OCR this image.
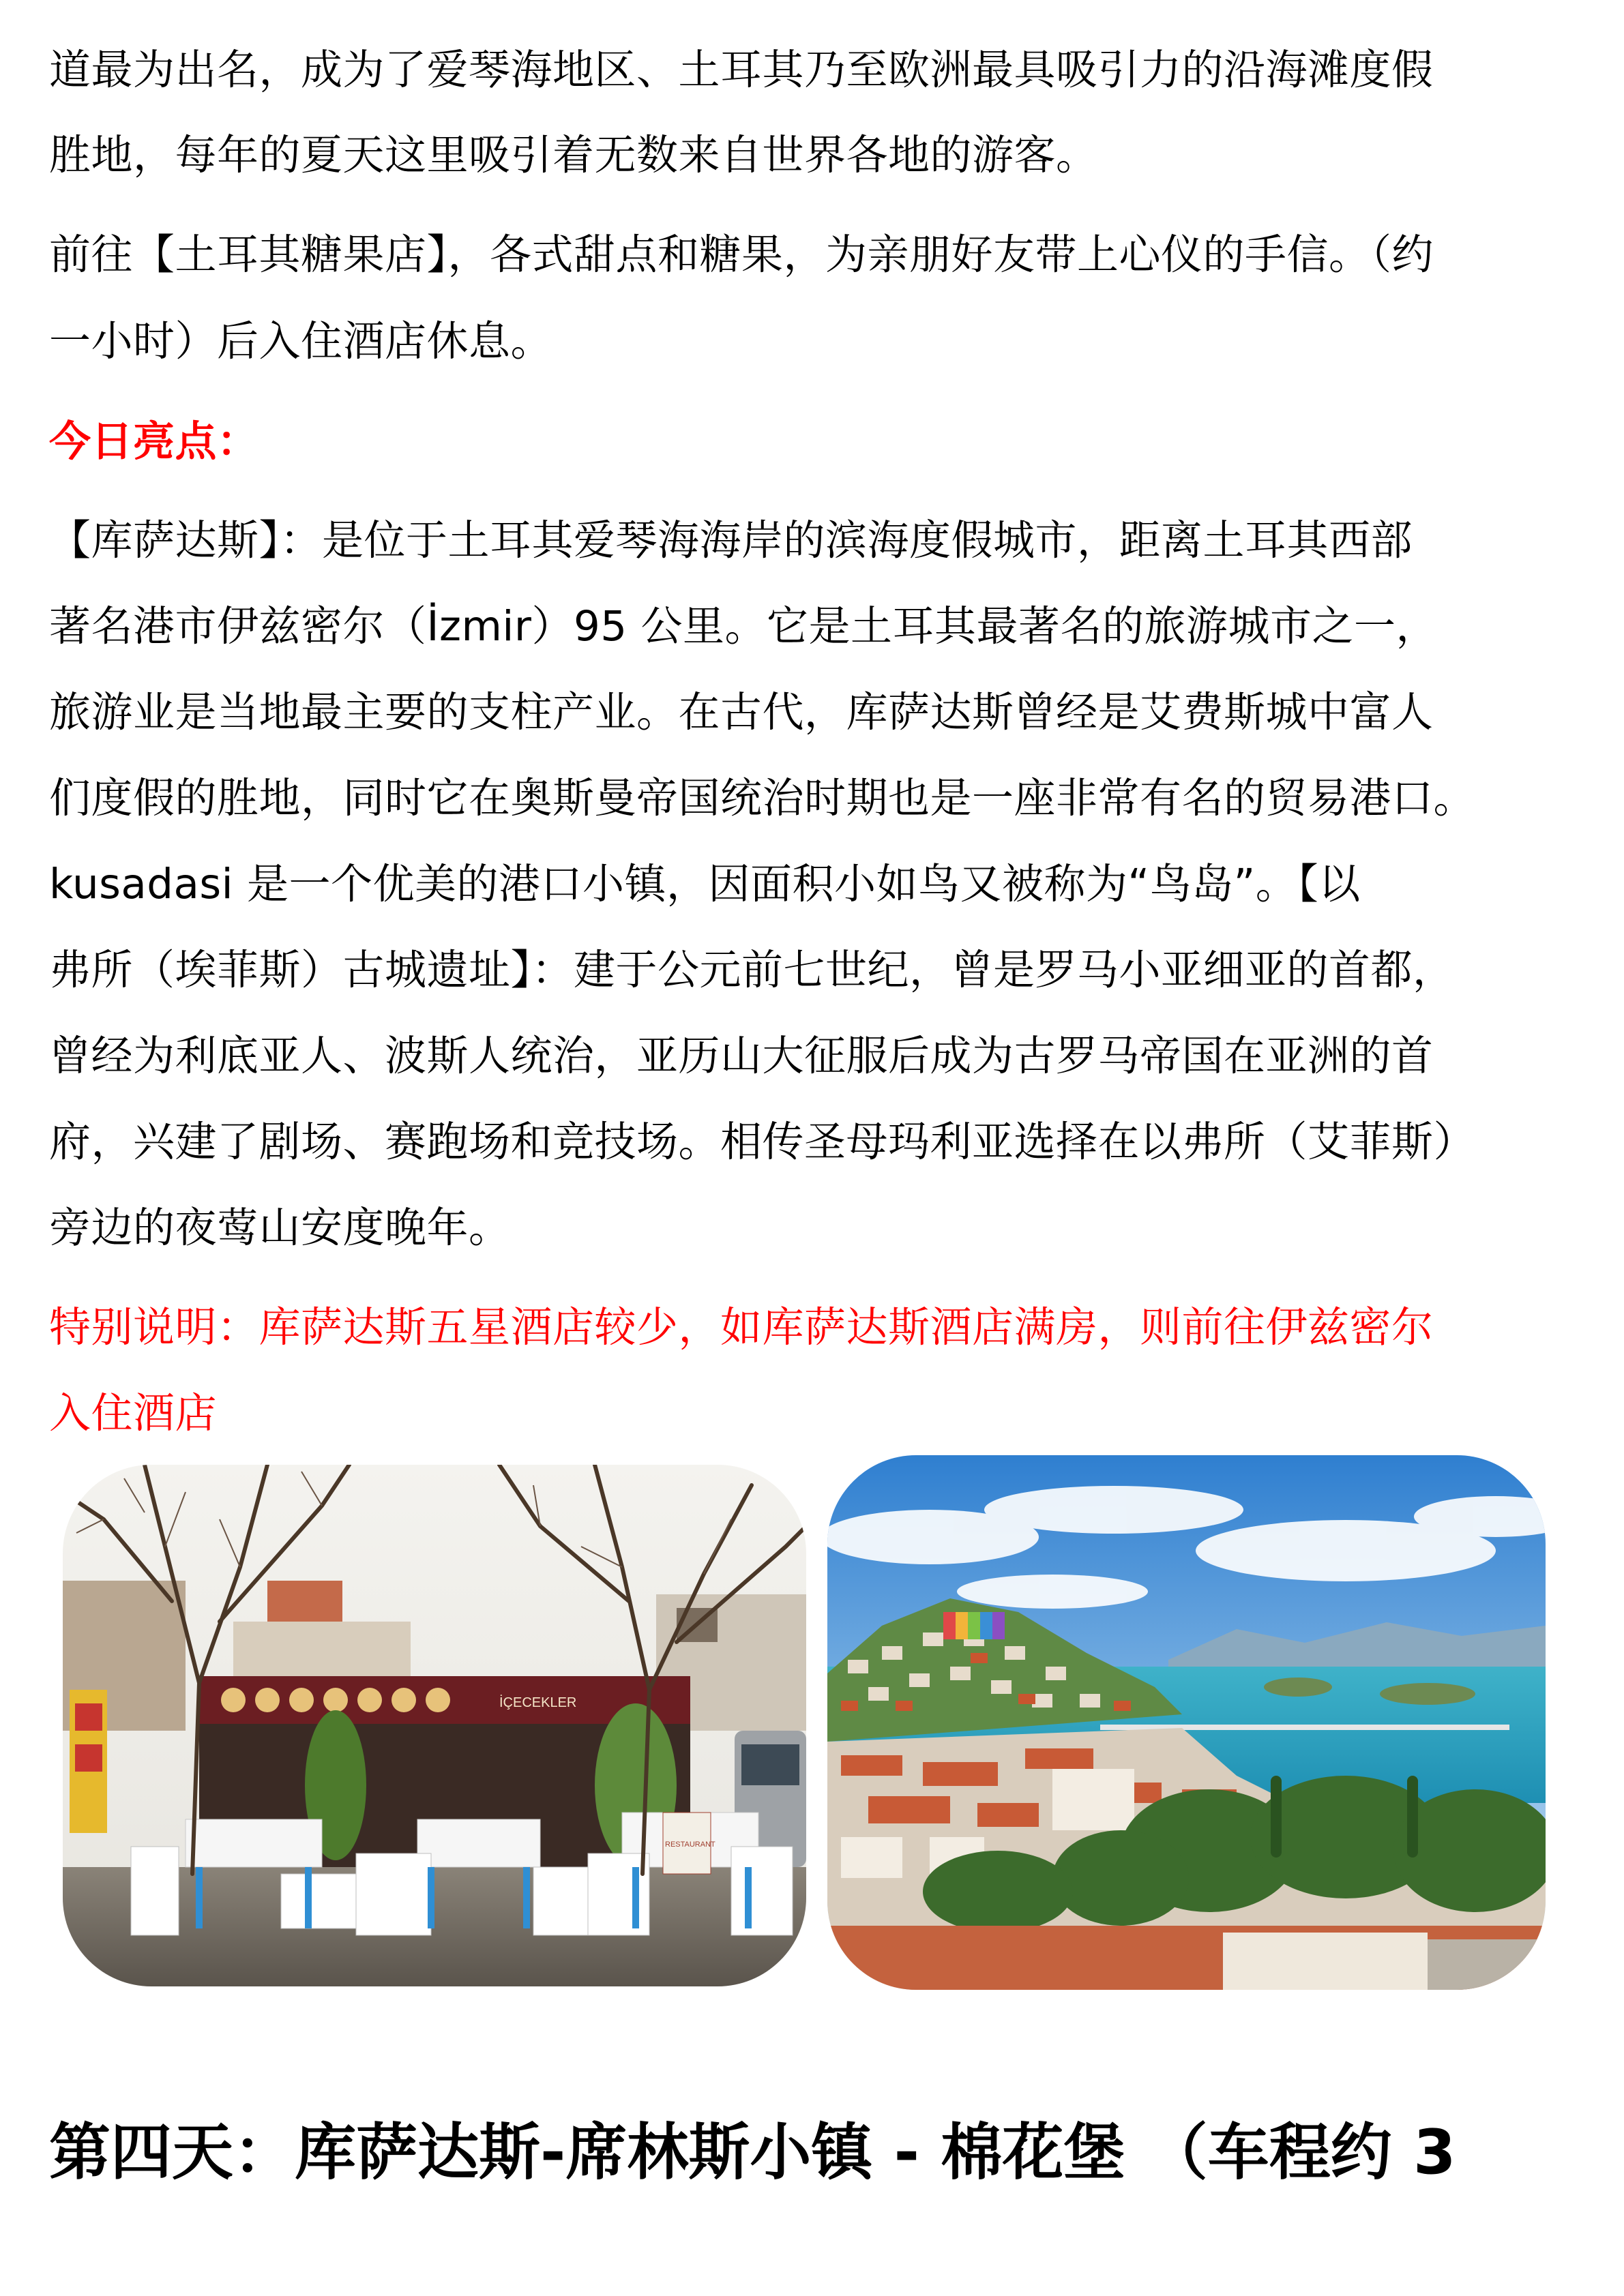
道最为出名，成为了爱琴海地区、土耳其乃至欧洲最具吸引力的沿海滩度假
胜地，每年的夏天这里吸引着无数来自世界各地的游客。
前往【土耳其糖果店】，各式甜点和糖果，为亲朋好友带上心仪的手信。（约
一小时）后入住酒店休息。
今日亮点：
【库萨达斯】：是位于土耳其爱琴海海岸的滨海度假城市，距离土耳其西部
著名港市伊兹密尔（İzmir）95 公里。它是土耳其最著名的旅游城市之一，
旅游业是当地最主要的支柱产业。在古代，库萨达斯曾经是艾费斯城中富人
们度假的胜地，同时它在奥斯曼帝国统治时期也是一座非常有名的贸易港口。
kusadasi 是一个优美的港口小镇，因面积小如鸟又被称为“鸟岛”。【以
弗所（埃菲斯）古城遗址】：建于公元前七世纪，曾是罗马小亚细亚的首都，
曾经为利底亚人、波斯人统治，亚历山大征服后成为古罗马帝国在亚洲的首
府，兴建了剧场、赛跑场和竞技场。相传圣母玛利亚选择在以弗所（艾菲斯）
旁边的夜莺山安度晚年。
特别说明：库萨达斯五星酒店较少，如库萨达斯酒店满房，则前往伊兹密尔
入住酒店
İÇECEKLER
RESTAURANT
第四天：库萨达斯-席林斯小镇 - 棉花堡 （车程约 3
